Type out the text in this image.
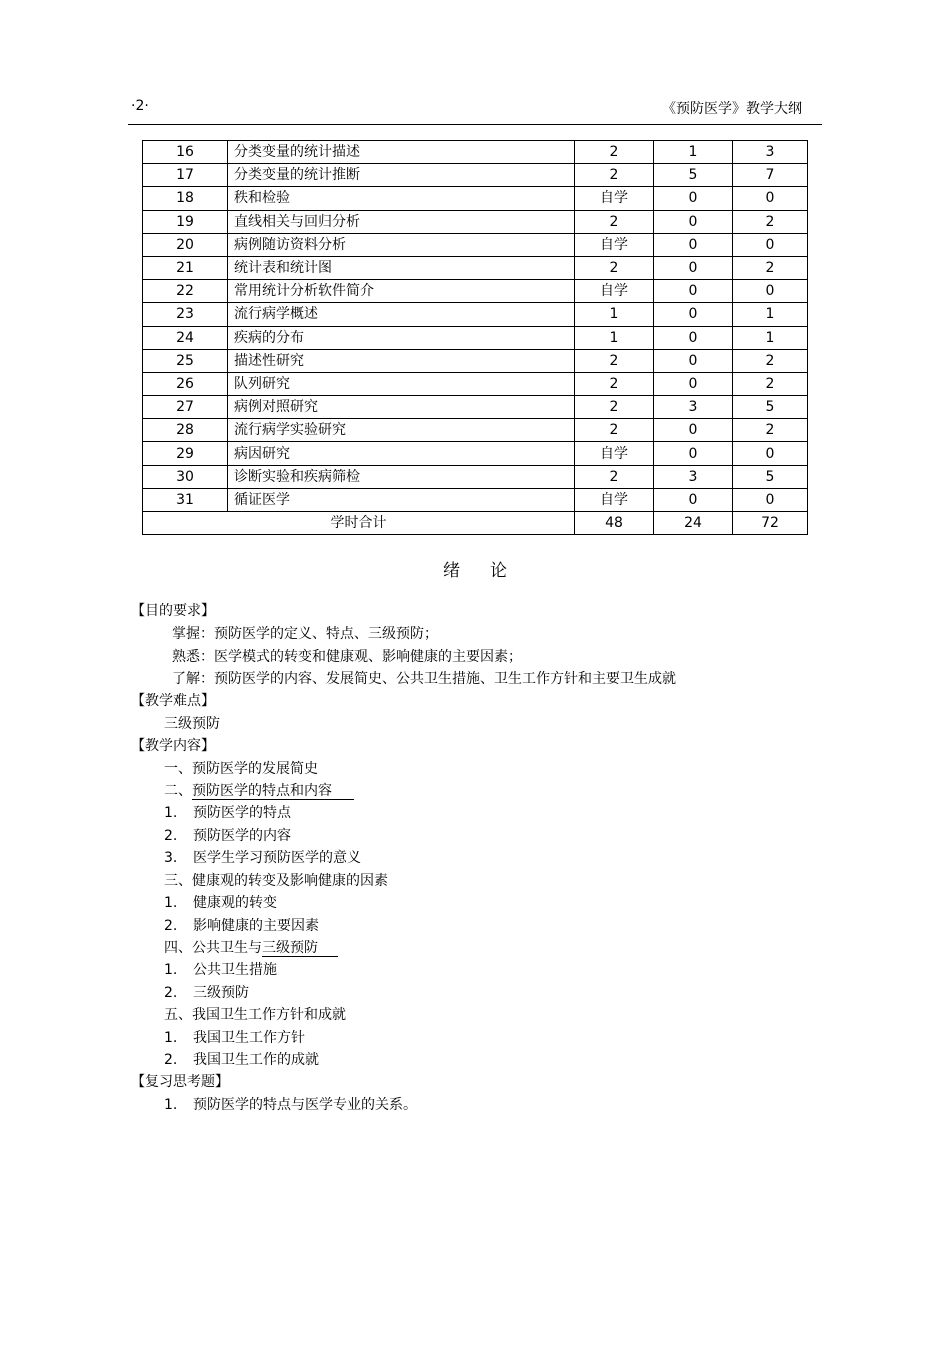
·2·	《预防医学》教学大纲
16	分类变量的统计描述	2	1	3
17	分类变量的统计推断	2	5	7
18	秩和检验	自学	0	0
19	直线相关与回归分析	2	0	2
20	病例随访资料分析	自学	0	0
21	统计表和统计图	2	0	2
22	常用统计分析软件简介	自学	0	0
23	流行病学概述	1	0	1
24	疾病的分布	1	0	1
25	描述性研究	2	0	2
26	队列研究	2	0	2
27	病例对照研究	2	3	5
28	流行病学实验研究	2	0	2
29	病因研究	自学	0	0
30	诊断实验和疾病筛检	2	3	5
31	循证医学	自学	0	0
学时合计		48	24	72
绪论
【目的要求】
掌握：预防医学的定义、特点、三级预防；
熟悉：医学模式的转变和健康观、影响健康的主要因素；
了解：预防医学的内容、发展简史、公共卫生措施、卫生工作方针和主要卫生成就
【教学难点】
三级预防
【教学内容】
一、预防医学的发展简史
二、预防医学的特点和内容
1. 预防医学的特点
2. 预防医学的内容
3. 医学生学习预防医学的意义
三、健康观的转变及影响健康的因素
1. 健康观的转变
2. 影响健康的主要因素
四、公共卫生与三级预防
1. 公共卫生措施
2. 三级预防
五、我国卫生工作方针和成就
1. 我国卫生工作方针
2. 我国卫生工作的成就
【复习思考题】
1. 预防医学的特点与医学专业的关系。
